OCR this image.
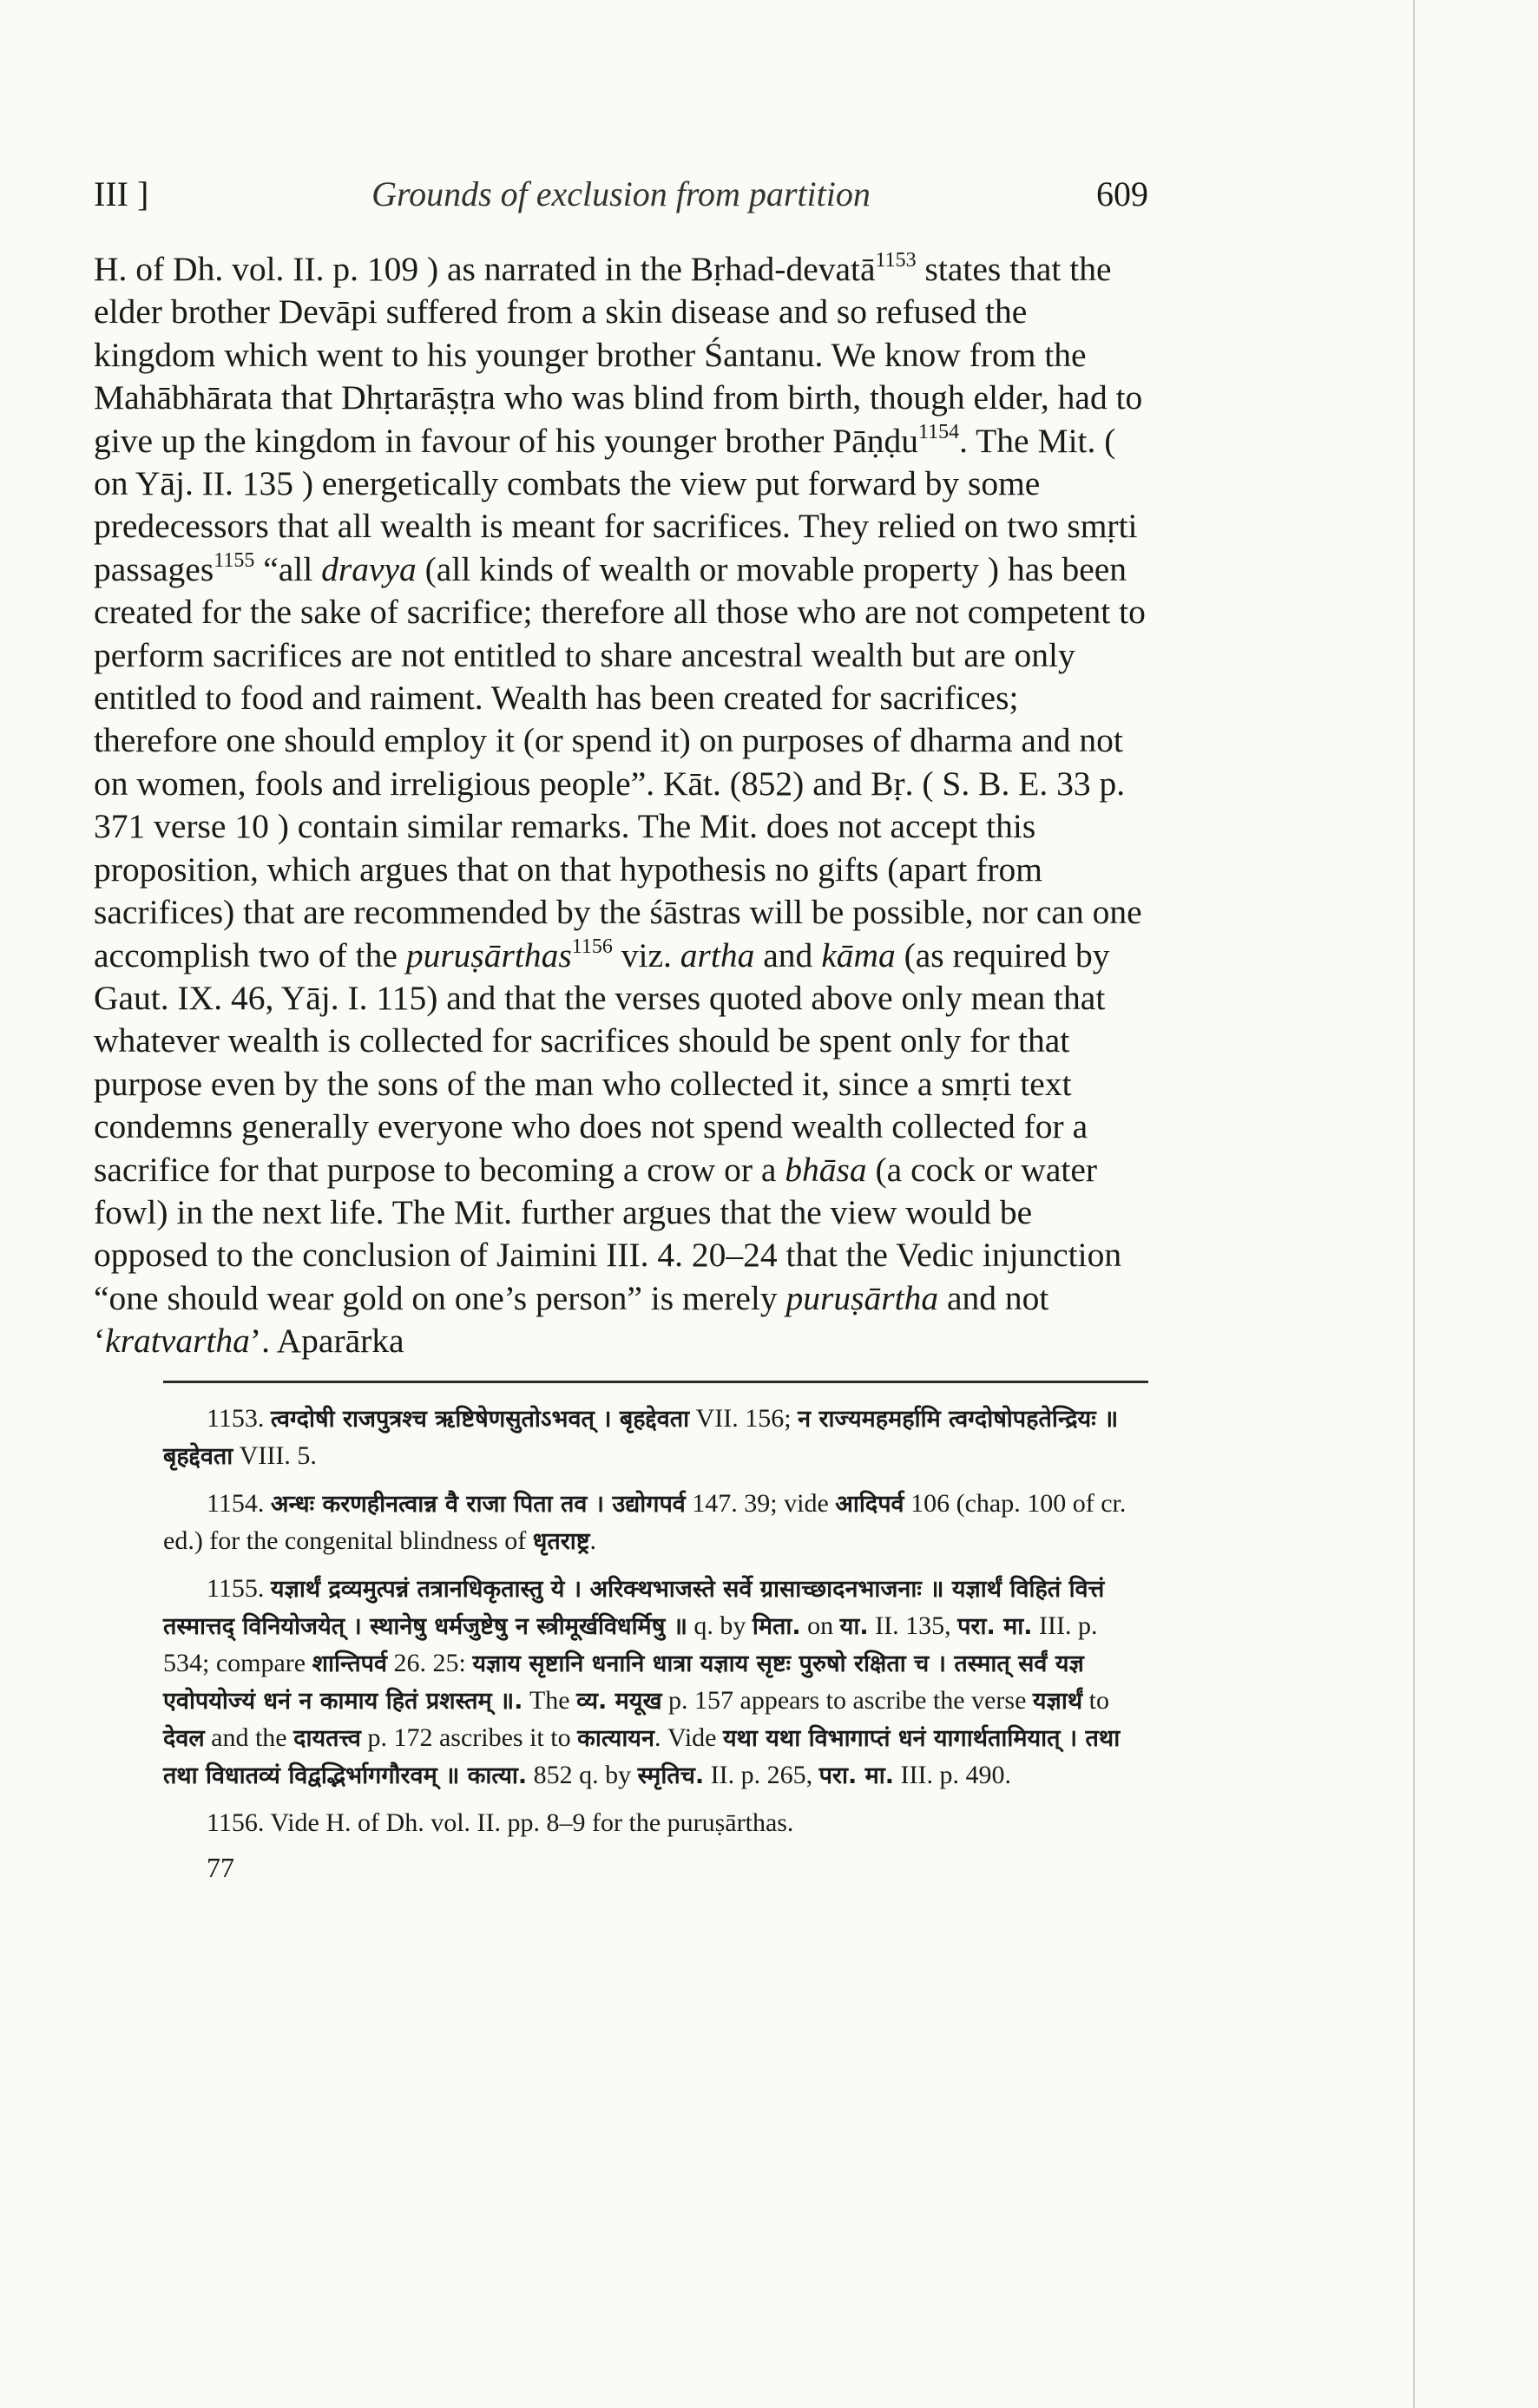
III ]	Grounds of exclusion from partition	609
H. of Dh. vol. II. p. 109 ) as narrated in the Bṛhad-devatā$^{1153}$ states that the elder brother Devāpi suffered from a skin disease and so refused the kingdom which went to his younger brother Śantanu. We know from the Mahābhārata that Dhṛtarāṣṭra who was blind from birth, though elder, had to give up the kingdom in favour of his younger brother Pāṇḍu$^{1154}$. The Mit. ( on Yāj. II. 135 ) energetically combats the view put forward by some predecessors that all wealth is meant for sacrifices. They relied on two smṛti passages$^{1155}$ “all dravya (all kinds of wealth or movable property ) has been created for the sake of sacrifice; therefore all those who are not competent to perform sacrifices are not entitled to share ancestral wealth but are only entitled to food and raiment. Wealth has been created for sacrifices; therefore one should employ it (or spend it) on purposes of dharma and not on women, fools and irreligious people”. Kāt. (852) and Bṛ. ( S. B. E. 33 p. 371 verse 10 ) contain similar remarks. The Mit. does not accept this proposition, which argues that on that hypothesis no gifts (apart from sacrifices) that are recommended by the śāstras will be possible, nor can one accomplish two of the puruṣārthas$^{1156}$ viz. artha and kāma (as required by Gaut. IX. 46, Yāj. I. 115) and that the verses quoted above only mean that whatever wealth is collected for sacrifices should be spent only for that purpose even by the sons of the man who collected it, since a smṛti text condemns generally everyone who does not spend wealth collected for a sacrifice for that purpose to becoming a crow or a bhāsa (a cock or water fowl) in the next life. The Mit. further argues that the view would be opposed to the conclusion of Jaimini III. 4. 20–24 that the Vedic injunction “one should wear gold on one’s person” is merely puruṣārtha and not ‘kratvartha’. Aparārka

1153. त्वग्दोषी राजपुत्रश्च ऋष्टिषेणसुतोऽभवत् । बृहद्देवता VII. 156; न राज्यमहमर्हामि त्वग्दोषोपहतेन्द्रियः ॥ बृहद्देवता VIII. 5.

1154. अन्धः करणहीनत्वान्न वै राजा पिता तव । उद्योगपर्व 147. 39; vide आदिपर्व 106 (chap. 100 of cr. ed.) for the congenital blindness of धृतराष्ट्र.

1155. यज्ञार्थं द्रव्यमुत्पन्नं तत्रानधिकृतास्तु ये । अरिक्थभाजस्ते सर्वे ग्रासाच्छादनभाजनाः ॥ यज्ञार्थं विहितं वित्तं तस्मात्तद् विनियोजयेत् । स्थानेषु धर्मजुष्टेषु न स्त्रीमूर्खविधर्मिषु ॥ q. by मिता. on या. II. 135, परा. मा. III. p. 534; compare शान्तिपर्व 26. 25: यज्ञाय सृष्टानि धनानि धात्रा यज्ञाय सृष्टः पुरुषो रक्षिता च । तस्मात् सर्वं यज्ञ एवोपयोज्यं धनं न कामाय हितं प्रशस्तम् ॥. The व्य. मयूख p. 157 appears to ascribe the verse यज्ञार्थं to देवल and the दायतत्त्व p. 172 ascribes it to कात्यायन. Vide यथा यथा विभागाप्तं धनं यागार्थतामियात् । तथा तथा विधातव्यं विद्वद्भिर्भागगौरवम् ॥ कात्या. 852 q. by स्मृतिच. II. p. 265, परा. मा. III. p. 490.

1156. Vide H. of Dh. vol. II. pp. 8–9 for the puruṣārthas.

77
